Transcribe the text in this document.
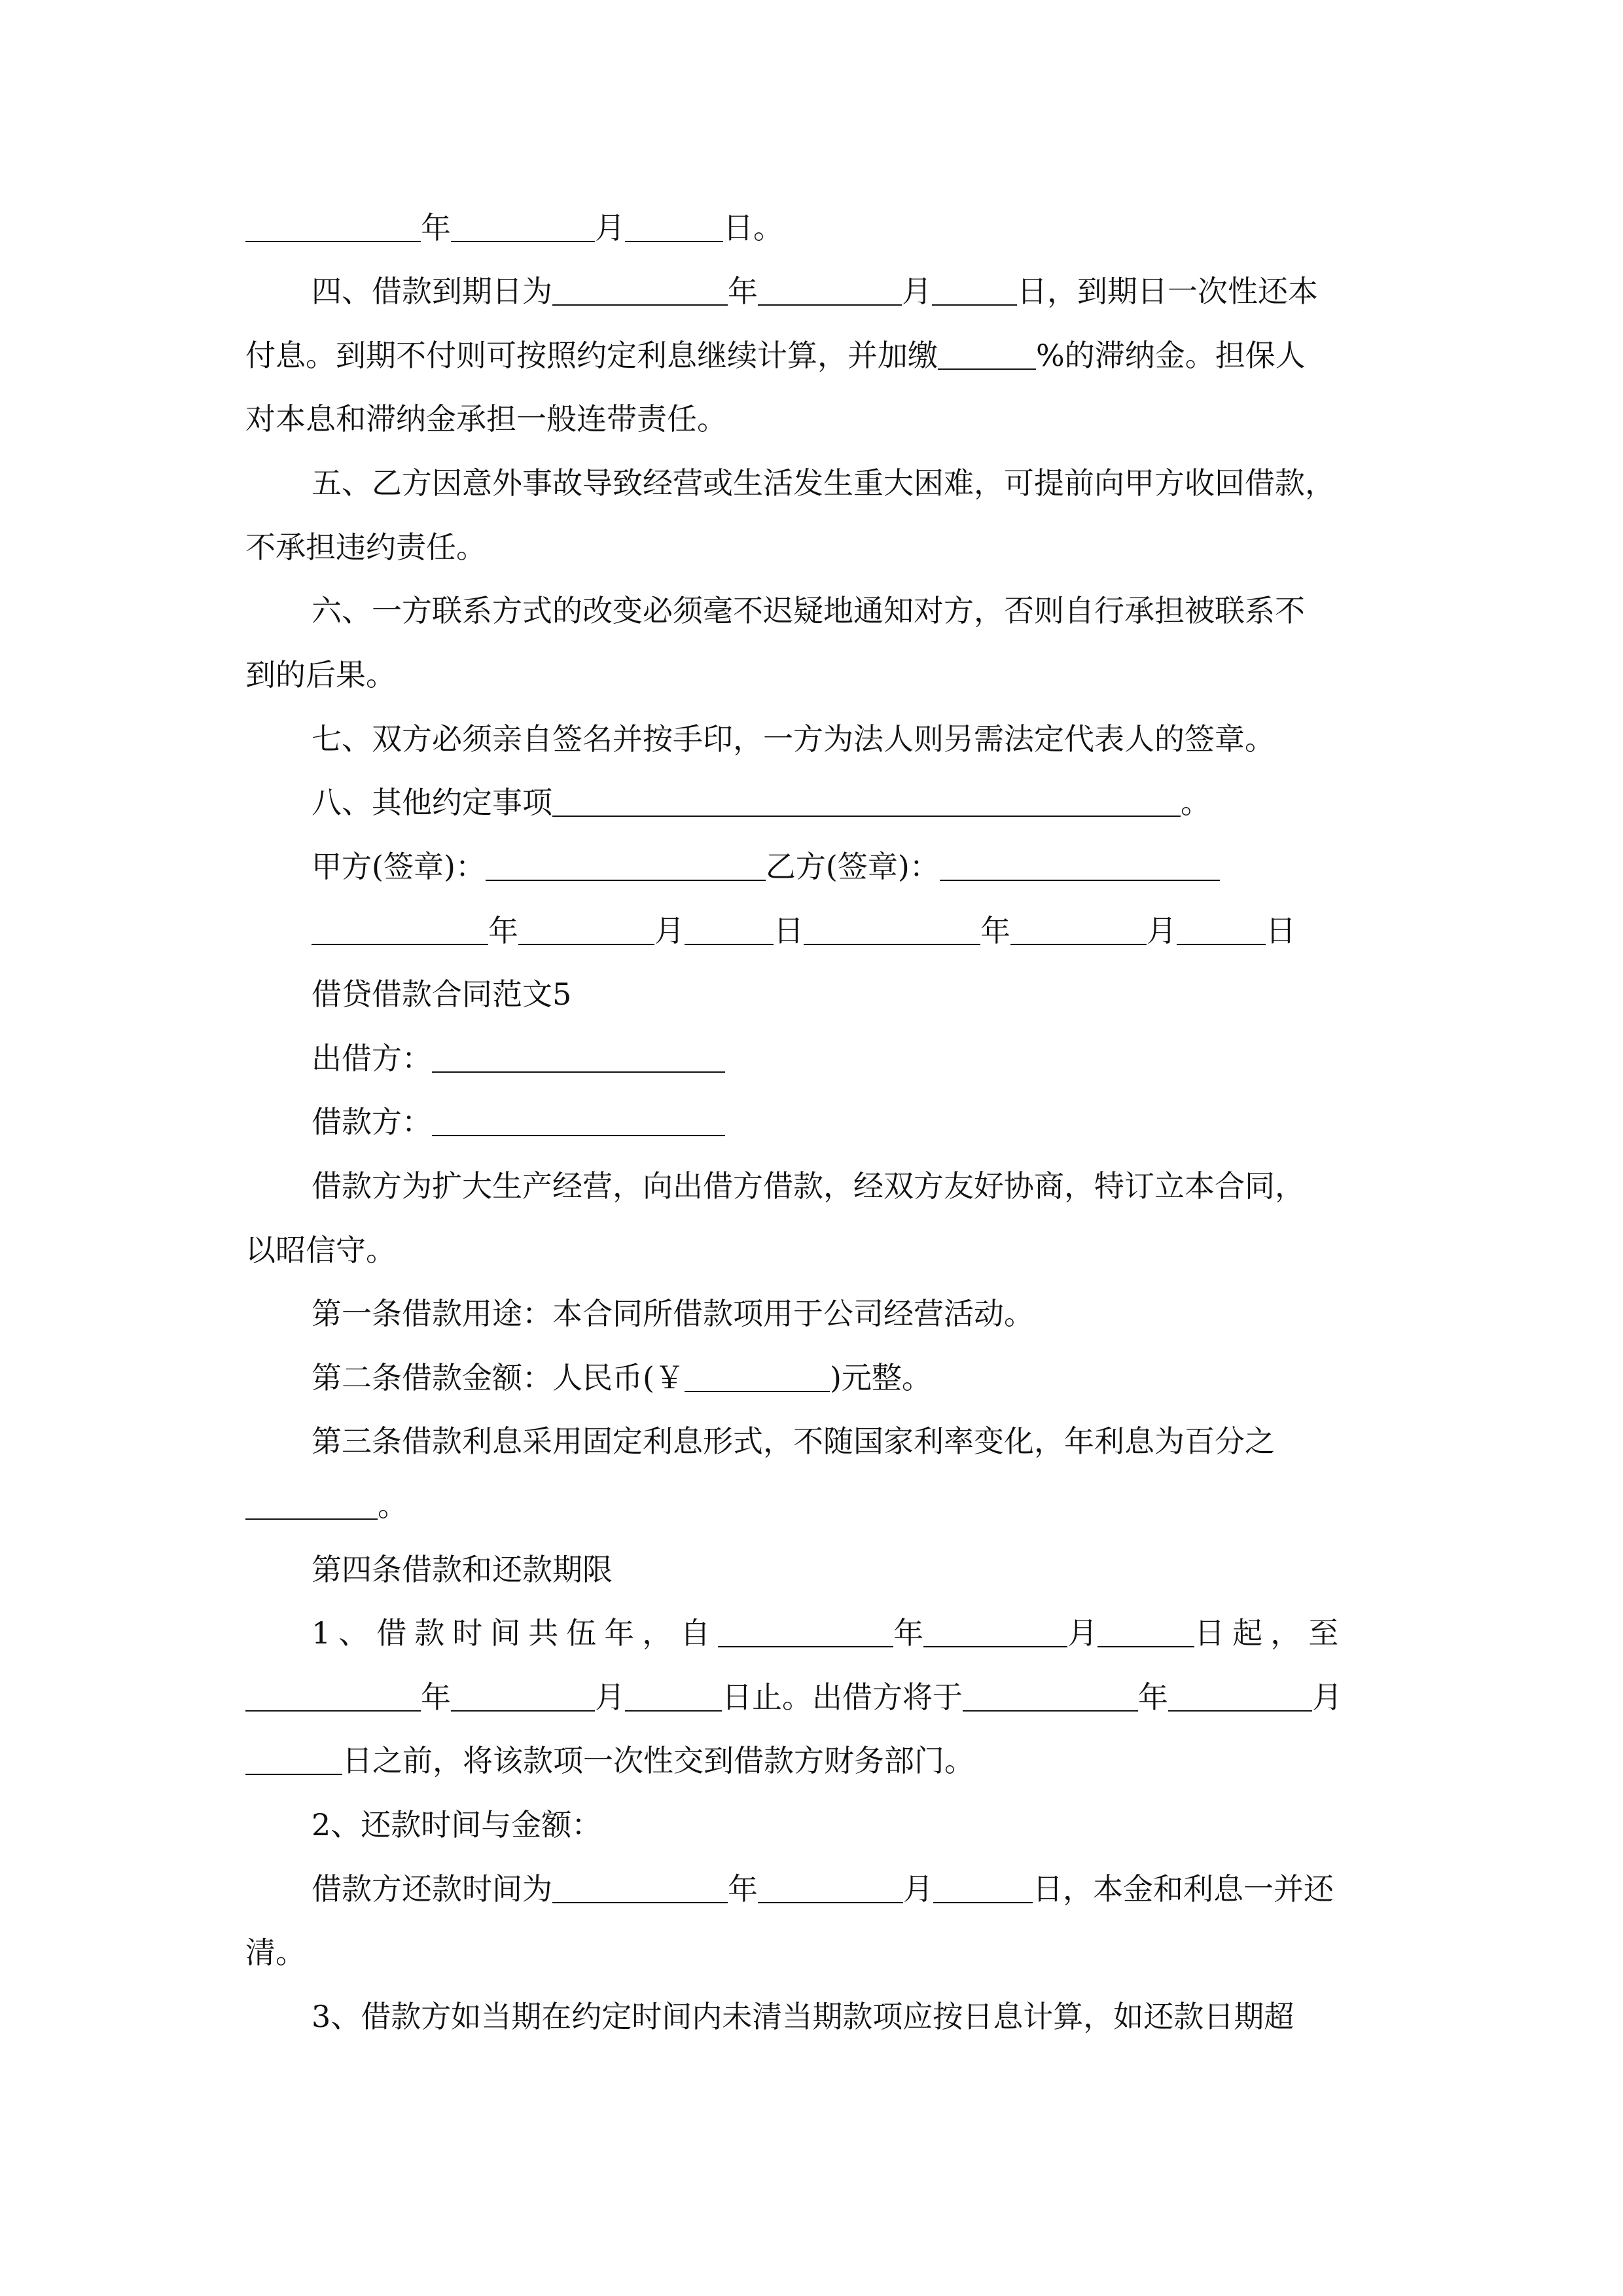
年	月	日。
四、借款到期日为	年	月	日，到期日一次性还本
付息。到期不付则可按照约定利息继续计算，并加缴	%的滞纳金。担保人
对本息和滞纳金承担一般连带责任。
五、乙方因意外事故导致经营或生活发生重大困难，可提前向甲方收回借款，
不承担违约责任。
六、一方联系方式的改变必须毫不迟疑地通知对方，否则自行承担被联系不
到的后果。
七、双方必须亲自签名并按手印，一方为法人则另需法定代表人的签章。
八、其他约定事项	。
甲方(签章)：	乙方(签章)：
年	月	日	年	月	日
借贷借款合同范文5
出借方：
借款方：
借款方为扩大生产经营，向出借方借款，经双方友好协商，特订立本合同，
以昭信守。
第一条借款用途：本合同所借款项用于公司经营活动。
第二条借款金额：人民币(￥	)元整。
第三条借款利息采用固定利息形式，不随国家利率变化，年利息为百分之
。
第四条借款和还款期限
1、借款时间共伍年，自	年	月	日起，至
年	月	日止。出借方将于	年	月
日之前，将该款项一次性交到借款方财务部门。
2、还款时间与金额：
借款方还款时间为	年	月	日，本金和利息一并还
清。
3、借款方如当期在约定时间内未清当期款项应按日息计算，如还款日期超
